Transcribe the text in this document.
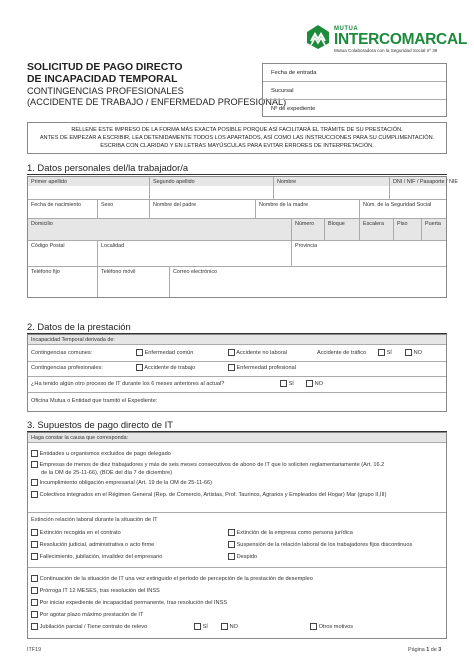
MUTUA
INTERCOMARCAL
Mutua Colaboradora con la Seguridad Social nº 39
SOLICITUD DE PAGO DIRECTO
DE INCAPACIDAD TEMPORAL
CONTINGENCIAS PROFESIONALES
(ACCIDENTE DE TRABAJO / ENFERMEDAD PROFESIONAL)
Fecha de entrada
Sucursal
Nº de expediente
RELLENE ESTE IMPRESO DE LA FORMA MÁS EXACTA POSIBLE PORQUE ASÍ FACILITARÁ EL TRÁMITE DE SU PRESTACIÓN.
ANTES DE EMPEZAR A ESCRIBIR, LEA DETENIDAMENTE TODOS LOS APARTADOS, ASÍ COMO LAS INSTRUCCIONES PARA SU CUMPLIMENTACIÓN.
ESCRIBA CON CLARIDAD Y EN LETRAS MAYÚSCULAS PARA EVITAR ERRORES DE INTERPRETACIÓN.
1. Datos personales del/la trabajador/a
Primer apellido	Segundo apellido	Nombre	DNI / NIF / Pasaporte / NIE
Fecha de nacimiento	Sexo	Nombre del padre	Nombre de la madre	Núm. de la Seguridad Social
Domicilio	Número	Bloque	Escalera	Piso	Puerta
Código Postal	Localidad	Provincia
Teléfono fijo	Teléfono móvil	Correo electrónico
2. Datos de la prestación
Incapacidad Temporal derivada de:
Contingencias comunes:	Enfermedad común	Accidente no laboral	Accidente de tráfico	SÍ	NO
Contingencias profesionales:	Accidente de trabajo	Enfermedad profesional
¿Ha tenido algún otro proceso de IT durante los 6 meses anteriores al actual?	SÍ	NO
Oficina Mutua o Entidad que tramitó el Expediente:
3. Supuestos de pago directo de IT
Haga constar la causa que corresponda:
Entidades u organismos excluidos de pago delegado
Empresas de menos de diez trabajadores y más de seis meses consecutivos de abono de IT que lo soliciten reglamentariamente (Art. 16.2
de la OM de 25-11-66), (BOE del día 7 de diciembre)
Incumplimiento obligación empresarial (Art. 19 de la OM de 25-11-66)
Colectivos integrados en el Régimen General (Rep. de Comercio, Artistas, Prof. Taurinos, Agrarios y Empleados del Hogar) Mar (grupo II,III)
Extinción relación laboral durante la situación de IT
Extinción recogida en el contrato
Resolución judicial, administrativa o acto firme
Fallecimiento, jubilación, invalidez del empresario
Extinción de la empresa como persona jurídica
Suspensión de la relación laboral de los trabajadores fijos discontinuos
Despido
Continuación de la situación de IT una vez extinguido el período de percepción de la prestación de desempleo
Prórroga IT 12 MESES, tras resolución del INSS
Por iniciar expediente de incapacidad permanente, tras resolución del INSS
Por agotar plazo máximo prestación de IT
Jubilación parcial / Tiene contrato de relevo	SÍ	NO	Otros motivos
ITF19	Página 1 de 3
